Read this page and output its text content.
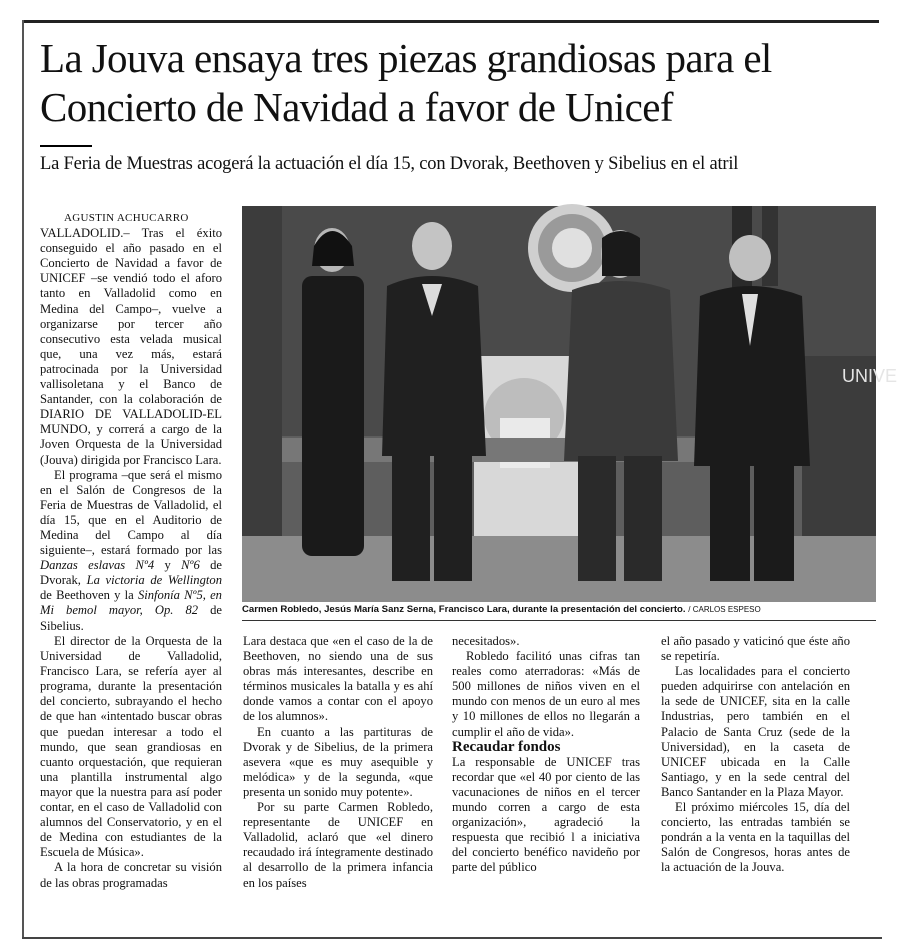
La Jouva ensaya tres piezas grandiosas para el Concierto de Navidad a favor de Unicef
La Feria de Muestras acogerá la actuación el día 15, con Dvorak, Beethoven y Sibelius en el atril

AGUSTIN ACHUCARRO

VALLADOLID.– Tras el éxito conseguido el año pasado en el Concierto de Navidad a favor de UNICEF –se vendió todo el aforo tanto en Valladolid como en Medina del Campo–, vuelve a organizarse por tercer año consecutivo esta velada musical que, una vez más, estará patrocinada por la Universidad vallisoletana y el Banco de Santander, con la colaboración de DIARIO DE VALLADOLID-EL MUNDO, y correrá a cargo de la Joven Orquesta de la Universidad (Jouva) dirigida por Francisco Lara.

El programa –que será el mismo en el Salón de Congresos de la Feria de Muestras de Valladolid, el día 15, que en el Auditorio de Medina del Campo al día siguiente–, estará formado por las Danzas eslavas Nº4 y Nº6 de Dvorak, La victoria de Wellington de Beethoven y la Sinfonía Nº5, en Mi bemol mayor, Op. 82 de Sibelius.

El director de la Orquesta de la Universidad de Valladolid, Francisco Lara, se refería ayer al programa, durante la presentación del concierto, subrayando el hecho de que han «intentado buscar obras que puedan interesar a todo el mundo, que sean grandiosas en cuanto orquestación, que requieran una plantilla instrumental algo mayor que la nuestra para así poder contar, en el caso de Valladolid con alumnos del Conservatorio, y en el de Medina con estudiantes de la Escuela de Música».

A la hora de concretar su visión de las obras programadas

UNIVE
Carmen Robledo, Jesús María Sanz Serna, Francisco Lara, durante la presentación del concierto. / CARLOS ESPESO

Lara destaca que «en el caso de la de Beethoven, no siendo una de sus obras más interesantes, describe en términos musicales la batalla y es ahí donde vamos a contar con el apoyo de los alumnos».

En cuanto a las partituras de Dvorak y de Sibelius, de la primera asevera «que es muy asequible y melódica» y de la segunda, «que presenta un sonido muy potente».

Por su parte Carmen Robledo, representante de UNICEF en Valladolid, aclaró que «el dinero recaudado irá íntegramente destinado al desarrollo de la primera infancia en los países

necesitados».

Robledo facilitó unas cifras tan reales como aterradoras: «Más de 500 millones de niños viven en el mundo con menos de un euro al mes y 10 millones de ellos no llegarán a cumplir el año de vida».

Recaudar fondos

La responsable de UNICEF tras recordar que «el 40 por ciento de las vacunaciones de niños en el tercer mundo corren a cargo de esta organización», agradeció la respuesta que recibió l a iniciativa del concierto benéfico navideño por parte del público

el año pasado y vaticinó que éste año se repetiría.

Las localidades para el concierto pueden adquirirse con antelación en la sede de UNICEF, sita en la calle Industrias, pero también en el Palacio de Santa Cruz (sede de la Universidad), en la caseta de UNICEF ubicada en la Calle Santiago, y en la sede central del Banco Santander en la Plaza Mayor.

El próximo miércoles 15, día del concierto, las entradas también se pondrán a la venta en la taquillas del Salón de Congresos, horas antes de la actuación de la Jouva.
